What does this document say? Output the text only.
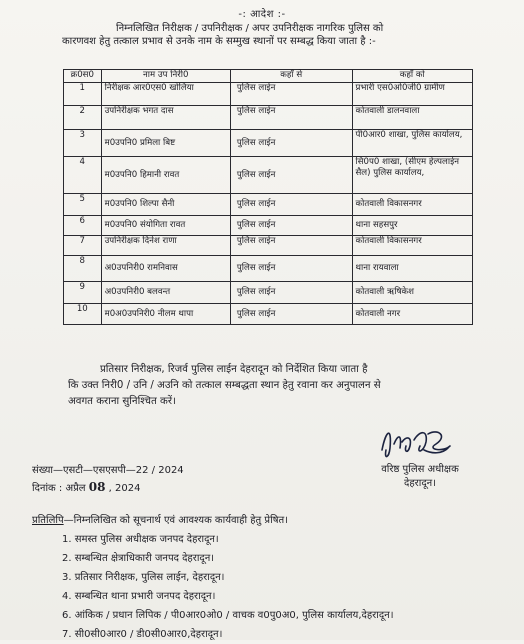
-: आदेश :-
निम्नलिखित निरीक्षक / उपनिरीक्षक / अपर उपनिरीक्षक नागरिक पुलिस को
कारणवश हेतु तत्काल प्रभाव से उनके नाम के सम्मुख स्थानों पर सम्बद्ध किया जाता है :-
क्र0स0	नाम उप निरी0	कहाँ से	कहाँ को
1	निरीक्षक आर0एस0 खोलिया	पुलिस लाईन	प्रभारी एस0ओ0जी0 ग्रामीण
2	उपनिरीक्षक भगत दास	पुलिस लाईन	कोतवाली डालनवाला
3	म0उपनि0 प्रमिला बिष्ट	पुलिस लाईन	पी0आर0 शाखा, पुलिस कार्यालय,
4	म0उपनि0 हिमानी रावत	पुलिस लाईन	सि0प0 शाखा, (सीएम हेल्पलाईन सैल) पुलिस कार्यालय,
5	म0उपनि0 शिल्पा सैनी	पुलिस लाईन	कोतवाली विकासनगर
6	म0उपनि0 संयोगिता रावत	पुलिस लाईन	थाना सहसपुर
7	उपनिरीक्षक दिनेश राणा	पुलिस लाईन	कोतवाली विकासनगर
8	अ0उपनिरी0 रामनिवास	पुलिस लाईन	थाना रायवाला
9	अ0उपनिरी0 बलवन्त	पुलिस लाईन	कोतवाली ऋषिकेश
10	म0अ0उपनिरी0 नीलम थापा	पुलिस लाईन	कोतवाली नगर
प्रतिसार निरीक्षक, रिजर्व पुलिस लाईन देहरादून को निर्देशित किया जाता है
कि उक्त निरी0 / उनि / अउनि को तत्काल सम्बद्धता स्थान हेतु रवाना कर अनुपालन से
अवगत कराना सुनिश्चित करें।
वरिष्ठ पुलिस अधीक्षक
देहरादून।
संख्या—एसटी—एसएसपी—22 / 2024
दिनांक : अप्रैल 08 , 2024
प्रतिलिपि—निम्नलिखित को सूचनार्थ एवं आवश्यक कार्यवाही हेतु प्रेषित।
1. समस्त पुलिस अधीक्षक जनपद देहरादून।
2. सम्बन्धित क्षेत्राधिकारी जनपद देहरादून।
3. प्रतिसार निरीक्षक, पुलिस लाईन, देहरादून।
4. सम्बन्धित थाना प्रभारी जनपद देहरादून।
6. आंकिक / प्रधान लिपिक / पी0आर0ओ0 / वाचक व0पु0अ0, पुलिस कार्यालय,देहरादून।
7. सी0सी0आर0 / डी0सी0आर0,देहरादून।
